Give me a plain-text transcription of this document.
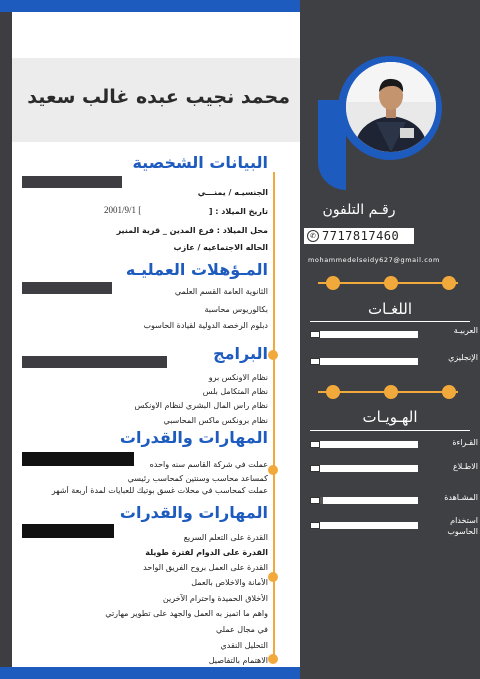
محمد نجيب عبده غالب سعيد
رقـم التلفون
✆ 7717817460
mohammedelseidy627@gmail.com
اللغـات
العربيـة
الإنجليزي
الهـويـات
القـراءة
الاطـلاع
المشـاهدة
استخدام الحاسوب
البيانات الشخصية
الجنسيـه / يمنـــي
تاريخ الميلاد : [
2001/9/1 [
محل الميلاد : فرع المدين _ قرية المنير
الحاله الاجتماعيه / عازب
المـؤهلات العمليـه
الثانوية العامة القسم العلمي
بكالوريوس محاسبة
دبلوم الرخصة الدولية لقيادة الحاسوب
البرامج
نظام الاونكس برو
نظام المتكامل بلس
نظام راس المال البشري لنظام الاونكس
نظام برونكس ماكس المحاسبي
المهارات والقدرات
عملت في شركة القاسم سنه واحده
كمساعد محاسب وسنتين كمحاسب رئيسي
عملت كمحاسب في محلات غسق بوتيك للعبايات لمدة أربعة أشهر
المهارات والقدرات
القدرة على التعلم السريع
القدرة على الدوام لفترة طويلة
القدرة على العمل بروح الفريق الواحد
الأمانة والاخلاص بالعمل
الأخلاق الحميدة واحترام الآخرين
واهم ما اتميز به العمل والجهد على تطوير مهارتي
في مجال عملي
التحليل النقدي
الاهتمام بالتفاصيل
